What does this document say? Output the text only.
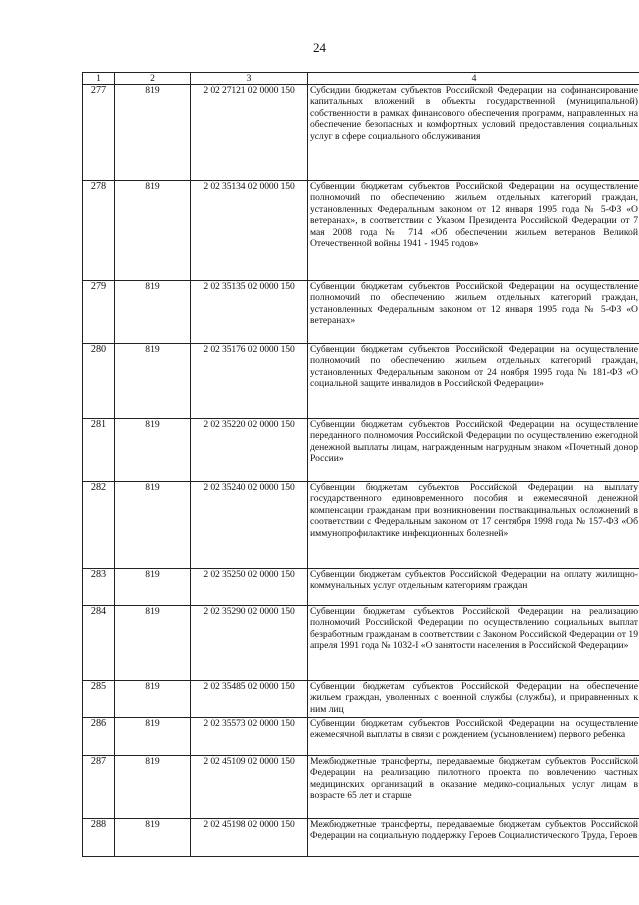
24
1	2	3	4
277	819	2 02 27121 02 0000 150	Субсидии бюджетам субъектов Российской Федерации на софинансирование капитальных вложений в объекты государственной (муниципальной) собственности в рамках финансового обеспечения программ, направленных на обеспечение безопасных и комфортных условий предоставления социальных услуг в сфере социального обслуживания
278	819	2 02 35134 02 0000 150	Субвенции бюджетам субъектов Российской Федерации на осуществление полномочий по обеспечению жильем отдельных категорий граждан, установленных Федеральным законом от 12 января 1995 года № 5-ФЗ «О ветеранах», в соответствии с Указом Президента Российской Федерации от 7 мая 2008 года № 714 «Об обеспечении жильем ветеранов Великой Отечественной войны 1941 - 1945 годов»
279	819	2 02 35135 02 0000 150	Субвенции бюджетам субъектов Российской Федерации на осуществление полномочий по обеспечению жильем отдельных категорий граждан, установленных Федеральным законом от 12 января 1995 года № 5-ФЗ «О ветеранах»
280	819	2 02 35176 02 0000 150	Субвенции бюджетам субъектов Российской Федерации на осуществление полномочий по обеспечению жильем отдельных категорий граждан, установленных Федеральным законом от 24 ноября 1995 года № 181-ФЗ «О социальной защите инвалидов в Российской Федерации»
281	819	2 02 35220 02 0000 150	Субвенции бюджетам субъектов Российской Федерации на осуществление переданного полномочия Российской Федерации по осуществлению ежегодной денежной выплаты лицам, награжденным нагрудным знаком «Почетный донор России»
282	819	2 02 35240 02 0000 150	Субвенции бюджетам субъектов Российской Федерации на выплату государственного единовременного пособия и ежемесячной денежной компенсации гражданам при возникновении поствакцинальных осложнений в соответствии с Федеральным законом от 17 сентября 1998 года № 157-ФЗ «Об иммунопрофилактике инфекционных болезней»
283	819	2 02 35250 02 0000 150	Субвенции бюджетам субъектов Российской Федерации на оплату жилищно-коммунальных услуг отдельным категориям граждан
284	819	2 02 35290 02 0000 150	Субвенции бюджетам субъектов Российской Федерации на реализацию полномочий Российской Федерации по осуществлению социальных выплат безработным гражданам в соответствии с Законом Российской Федерации от 19 апреля 1991 года № 1032-I «О занятости населения в Российской Федерации»
285	819	2 02 35485 02 0000 150	Субвенции бюджетам субъектов Российской Федерации на обеспечение жильем граждан, уволенных с военной службы (службы), и приравненных к ним лиц
286	819	2 02 35573 02 0000 150	Субвенции бюджетам субъектов Российской Федерации на осуществление ежемесячной выплаты в связи с рождением (усыновлением) первого ребенка
287	819	2 02 45109 02 0000 150	Межбюджетные трансферты, передаваемые бюджетам субъектов Российской Федерации на реализацию пилотного проекта по вовлечению частных медицинских организаций в оказание медико-социальных услуг лицам в возрасте 65 лет и старше
288	819	2 02 45198 02 0000 150	Межбюджетные трансферты, передаваемые бюджетам субъектов Российской Федерации на социальную поддержку Героев Социалистического Труда, Героев
